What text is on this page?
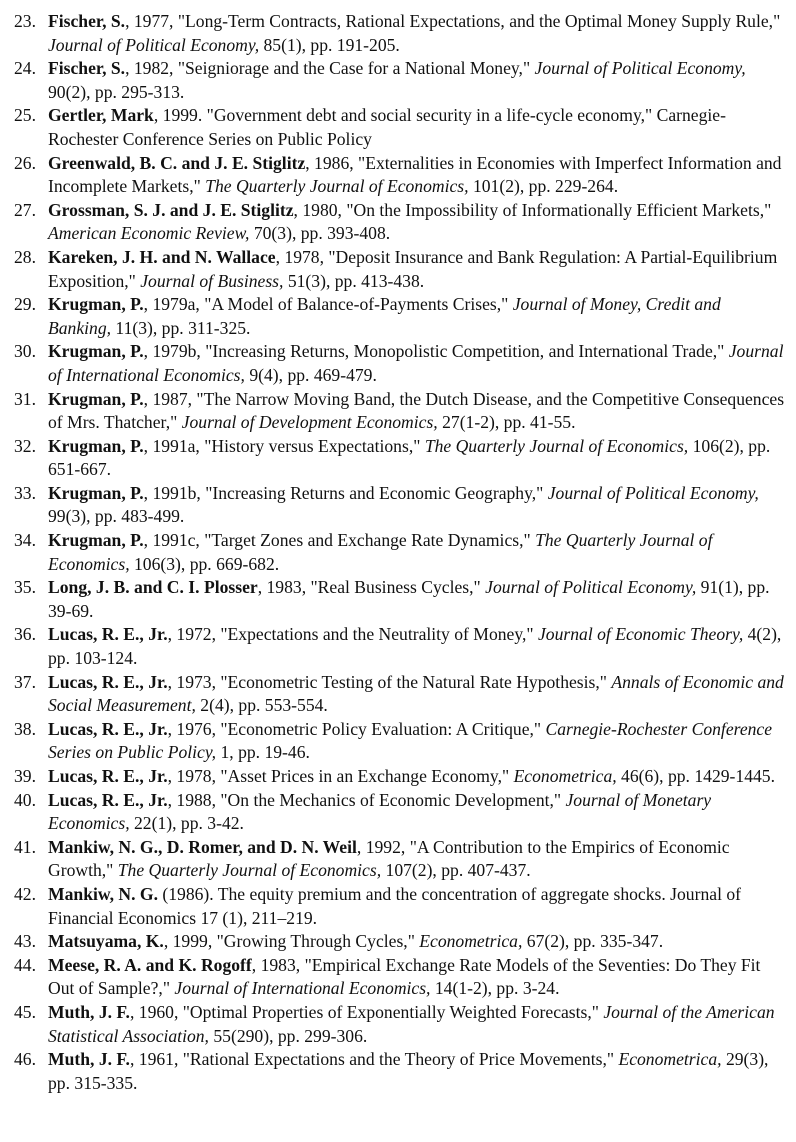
23. Fischer, S., 1977, "Long-Term Contracts, Rational Expectations, and the Optimal Money Supply Rule," Journal of Political Economy, 85(1), pp. 191-205.
24. Fischer, S., 1982, "Seigniorage and the Case for a National Money," Journal of Political Economy, 90(2), pp. 295-313.
25. Gertler, Mark, 1999. "Government debt and social security in a life-cycle economy," Carnegie-Rochester Conference Series on Public Policy
26. Greenwald, B. C. and J. E. Stiglitz, 1986, "Externalities in Economies with Imperfect Information and Incomplete Markets," The Quarterly Journal of Economics, 101(2), pp. 229-264.
27. Grossman, S. J. and J. E. Stiglitz, 1980, "On the Impossibility of Informationally Efficient Markets," American Economic Review, 70(3), pp. 393-408.
28. Kareken, J. H. and N. Wallace, 1978, "Deposit Insurance and Bank Regulation: A Partial-Equilibrium Exposition," Journal of Business, 51(3), pp. 413-438.
29. Krugman, P., 1979a, "A Model of Balance-of-Payments Crises," Journal of Money, Credit and Banking, 11(3), pp. 311-325.
30. Krugman, P., 1979b, "Increasing Returns, Monopolistic Competition, and International Trade," Journal of International Economics, 9(4), pp. 469-479.
31. Krugman, P., 1987, "The Narrow Moving Band, the Dutch Disease, and the Competitive Consequences of Mrs. Thatcher," Journal of Development Economics, 27(1-2), pp. 41-55.
32. Krugman, P., 1991a, "History versus Expectations," The Quarterly Journal of Economics, 106(2), pp. 651-667.
33. Krugman, P., 1991b, "Increasing Returns and Economic Geography," Journal of Political Economy, 99(3), pp. 483-499.
34. Krugman, P., 1991c, "Target Zones and Exchange Rate Dynamics," The Quarterly Journal of Economics, 106(3), pp. 669-682.
35. Long, J. B. and C. I. Plosser, 1983, "Real Business Cycles," Journal of Political Economy, 91(1), pp. 39-69.
36. Lucas, R. E., Jr., 1972, "Expectations and the Neutrality of Money," Journal of Economic Theory, 4(2), pp. 103-124.
37. Lucas, R. E., Jr., 1973, "Econometric Testing of the Natural Rate Hypothesis," Annals of Economic and Social Measurement, 2(4), pp. 553-554.
38. Lucas, R. E., Jr., 1976, "Econometric Policy Evaluation: A Critique," Carnegie-Rochester Conference Series on Public Policy, 1, pp. 19-46.
39. Lucas, R. E., Jr., 1978, "Asset Prices in an Exchange Economy," Econometrica, 46(6), pp. 1429-1445.
40. Lucas, R. E., Jr., 1988, "On the Mechanics of Economic Development," Journal of Monetary Economics, 22(1), pp. 3-42.
41. Mankiw, N. G., D. Romer, and D. N. Weil, 1992, "A Contribution to the Empirics of Economic Growth," The Quarterly Journal of Economics, 107(2), pp. 407-437.
42. Mankiw, N. G. (1986). The equity premium and the concentration of aggregate shocks. Journal of Financial Economics 17 (1), 211–219.
43. Matsuyama, K., 1999, "Growing Through Cycles," Econometrica, 67(2), pp. 335-347.
44. Meese, R. A. and K. Rogoff, 1983, "Empirical Exchange Rate Models of the Seventies: Do They Fit Out of Sample?," Journal of International Economics, 14(1-2), pp. 3-24.
45. Muth, J. F., 1960, "Optimal Properties of Exponentially Weighted Forecasts," Journal of the American Statistical Association, 55(290), pp. 299-306.
46. Muth, J. F., 1961, "Rational Expectations and the Theory of Price Movements," Econometrica, 29(3), pp. 315-335.
